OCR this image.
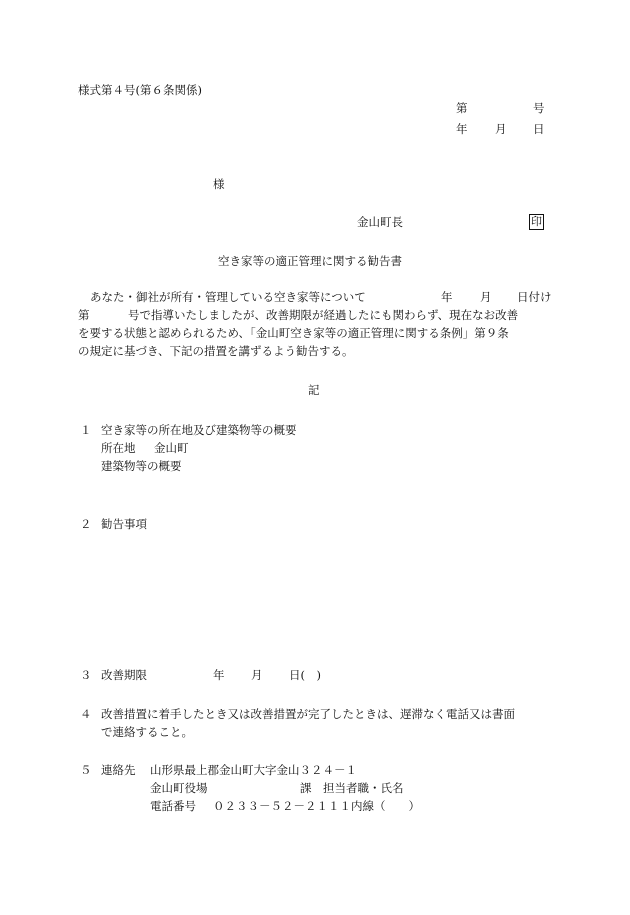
様式第４号(第６条関係)
第	号
年 月 日
様
金山町長	印
空き家等の適正管理に関する勧告書
あなた・御社が所有・管理している空き家等について	年 月 日付け
第	号で指導いたしましたが、改善期限が経過したにも関わらず、現在なお改善
を要する状態と認められるため、「金山町空き家等の適正管理に関する条例」第９条
の規定に基づき、下記の措置を講ずるよう勧告する。
記
１ 空き家等の所在地及び建築物等の概要
所在地 金山町
建築物等の概要
２ 勧告事項
３ 改善期限	年 月 日(　)
４ 改善措置に着手したとき又は改善措置が完了したときは、遅滞なく電話又は書面
で連絡すること。
５ 連絡先 山形県最上郡金山町大字金山３２４－１
金山町役場	課 担当者職・氏名
電話番号 ０２３３－５２－２１１１内線（　　）
